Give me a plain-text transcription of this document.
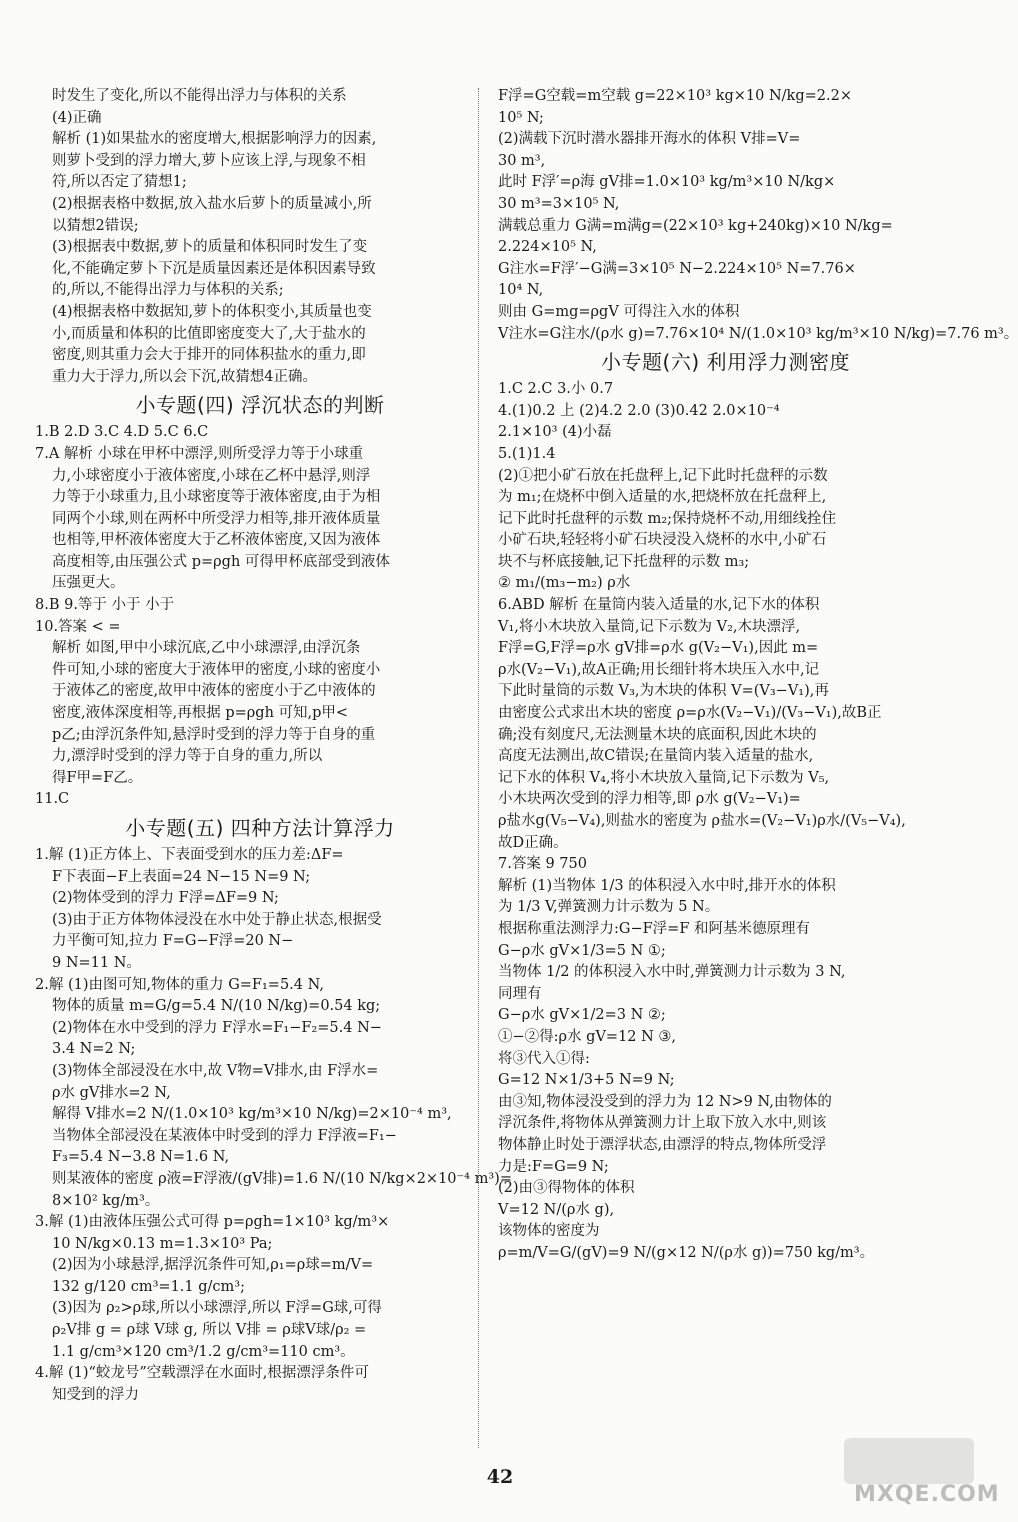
时发生了变化,所以不能得出浮力与体积的关系
(4)正确
解析 (1)如果盐水的密度增大,根据影响浮力的因素,
则萝卜受到的浮力增大,萝卜应该上浮,与现象不相
符,所以否定了猜想1;
(2)根据表格中数据,放入盐水后萝卜的质量减小,所
以猜想2错误;
(3)根据表中数据,萝卜的质量和体积同时发生了变
化,不能确定萝卜下沉是质量因素还是体积因素导致
的,所以,不能得出浮力与体积的关系;
(4)根据表格中数据知,萝卜的体积变小,其质量也变
小,而质量和体积的比值即密度变大了,大于盐水的
密度,则其重力会大于排开的同体积盐水的重力,即
重力大于浮力,所以会下沉,故猜想4正确。
小专题(四) 浮沉状态的判断
1.B 2.D 3.C 4.D 5.C 6.C
7.A 解析 小球在甲杯中漂浮,则所受浮力等于小球重
力,小球密度小于液体密度,小球在乙杯中悬浮,则浮
力等于小球重力,且小球密度等于液体密度,由于为相
同两个小球,则在两杯中所受浮力相等,排开液体质量
也相等,甲杯液体密度大于乙杯液体密度,又因为液体
高度相等,由压强公式 p=ρgh 可得甲杯底部受到液体
压强更大。
8.B 9.等于 小于 小于
10.答案 < =
解析 如图,甲中小球沉底,乙中小球漂浮,由浮沉条
件可知,小球的密度大于液体甲的密度,小球的密度小
于液体乙的密度,故甲中液体的密度小于乙中液体的
密度,液体深度相等,再根据 p=ρgh 可知,p甲<
p乙;由浮沉条件知,悬浮时受到的浮力等于自身的重
力,漂浮时受到的浮力等于自身的重力,所以
得F甲=F乙。
11.C
小专题(五) 四种方法计算浮力
1.解 (1)正方体上、下表面受到水的压力差:ΔF=
F下表面−F上表面=24 N−15 N=9 N;
(2)物体受到的浮力 F浮=ΔF=9 N;
(3)由于正方体物体浸没在水中处于静止状态,根据受
力平衡可知,拉力 F=G−F浮=20 N−
9 N=11 N。
2.解 (1)由图可知,物体的重力 G=F₁=5.4 N,
物体的质量 m=G/g=5.4 N/(10 N/kg)=0.54 kg;
(2)物体在水中受到的浮力 F浮水=F₁−F₂=5.4 N−
3.4 N=2 N;
(3)物体全部浸没在水中,故 V物=V排水,由 F浮水=
ρ水 gV排水=2 N,
解得 V排水=2 N/(1.0×10³ kg/m³×10 N/kg)=2×10⁻⁴ m³,
当物体全部浸没在某液体中时受到的浮力 F浮液=F₁−
F₃=5.4 N−3.8 N=1.6 N,
则某液体的密度 ρ液=F浮液/(gV排)=1.6 N/(10 N/kg×2×10⁻⁴ m³)=
8×10² kg/m³。
3.解 (1)由液体压强公式可得 p=ρgh=1×10³ kg/m³×
10 N/kg×0.13 m=1.3×10³ Pa;
(2)因为小球悬浮,据浮沉条件可知,ρ₁=ρ球=m/V=
132 g/120 cm³=1.1 g/cm³;
(3)因为 ρ₂>ρ球,所以小球漂浮,所以 F浮=G球,可得
ρ₂V排 g = ρ球 V球 g, 所以 V排 = ρ球V球/ρ₂ =
1.1 g/cm³×120 cm³/1.2 g/cm³=110 cm³。
4.解 (1)“蛟龙号”空载漂浮在水面时,根据漂浮条件可
知受到的浮力
F浮=G空载=m空载 g=22×10³ kg×10 N/kg=2.2×
10⁵ N;
(2)满载下沉时潜水器排开海水的体积 V排=V=
30 m³,
此时 F浮′=ρ海 gV排=1.0×10³ kg/m³×10 N/kg×
30 m³=3×10⁵ N,
满载总重力 G满=m满g=(22×10³ kg+240kg)×10 N/kg=
2.224×10⁵ N,
G注水=F浮′−G满=3×10⁵ N−2.224×10⁵ N=7.76×
10⁴ N,
则由 G=mg=ρgV 可得注入水的体积
V注水=G注水/(ρ水 g)=7.76×10⁴ N/(1.0×10³ kg/m³×10 N/kg)=7.76 m³。
小专题(六) 利用浮力测密度
1.C 2.C 3.小 0.7
4.(1)0.2 上 (2)4.2 2.0 (3)0.42 2.0×10⁻⁴
2.1×10³ (4)小磊
5.(1)1.4
(2)①把小矿石放在托盘秤上,记下此时托盘秤的示数
为 m₁;在烧杯中倒入适量的水,把烧杯放在托盘秤上,
记下此时托盘秤的示数 m₂;保持烧杯不动,用细线拴住
小矿石块,轻轻将小矿石块浸没入烧杯的水中,小矿石
块不与杯底接触,记下托盘秤的示数 m₃;
② m₁/(m₃−m₂) ρ水
6.ABD 解析 在量筒内装入适量的水,记下水的体积
V₁,将小木块放入量筒,记下示数为 V₂,木块漂浮,
F浮=G,F浮=ρ水 gV排=ρ水 g(V₂−V₁),因此 m=
ρ水(V₂−V₁),故A正确;用长细针将木块压入水中,记
下此时量筒的示数 V₃,为木块的体积 V=(V₃−V₁),再
由密度公式求出木块的密度 ρ=ρ水(V₂−V₁)/(V₃−V₁),故B正
确;没有刻度尺,无法测量木块的底面积,因此木块的
高度无法测出,故C错误;在量筒内装入适量的盐水,
记下水的体积 V₄,将小木块放入量筒,记下示数为 V₅,
小木块两次受到的浮力相等,即 ρ水 g(V₂−V₁)=
ρ盐水g(V₅−V₄),则盐水的密度为 ρ盐水=(V₂−V₁)ρ水/(V₅−V₄),
故D正确。
7.答案 9 750
解析 (1)当物体 1/3 的体积浸入水中时,排开水的体积
为 1/3 V,弹簧测力计示数为 5 N。
根据称重法测浮力:G−F浮=F 和阿基米德原理有
G−ρ水 gV×1/3=5 N ①;
当物体 1/2 的体积浸入水中时,弹簧测力计示数为 3 N,
同理有
G−ρ水 gV×1/2=3 N ②;
①−②得:ρ水 gV=12 N ③,
将③代入①得:
G=12 N×1/3+5 N=9 N;
由③知,物体浸没受到的浮力为 12 N>9 N,由物体的
浮沉条件,将物体从弹簧测力计上取下放入水中,则该
物体静止时处于漂浮状态,由漂浮的特点,物体所受浮
力是:F=G=9 N;
(2)由③得物体的体积
V=12 N/(ρ水 g),
该物体的密度为
ρ=m/V=G/(gV)=9 N/(g×12 N/(ρ水 g))=750 kg/m³。
42
MXQE.COM
